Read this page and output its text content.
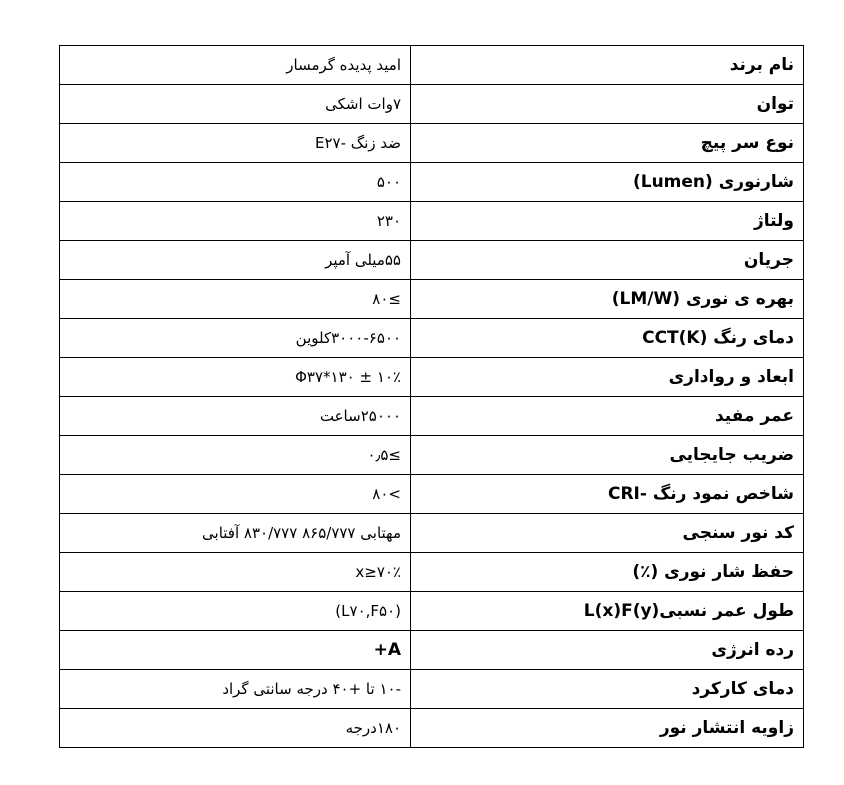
نام برند	امید پدیده گرمسار
توان	۷وات اشکی
نوع سر پیچ	ضد زنگ -E۲۷
شارنوری (Lumen)	۵۰۰
ولتاژ	۲۳۰
جریان	۵۵میلی آمپر
بهره ی نوری (LM/W)	≥۸۰
دمای رنگ CCT(K)	۳۰۰۰-۶۵۰۰کلوین
ابعاد و رواداری	Φ۳۷*۱۳۰ ± ۱۰٪
عمر مفید	۲۵۰۰۰ساعت
ضریب جایجایی	≥۰٫۵
شاخص نمود رنگ -CRI	>۸۰
کد نور سنجی	مهتابی ۸۶۵/۷۷۷ ۸۳۰/۷۷۷ آفتابی
حفظ شار نوری (٪)	x≥۷۰٪
طول عمر نسبیL(x)F(y)	(L۷۰,F۵۰)
رده انرژی	A+
دمای کارکرد	-۱۰ تا +۴۰ درجه سانتی گراد
زاویه انتشار نور	۱۸۰درجه
